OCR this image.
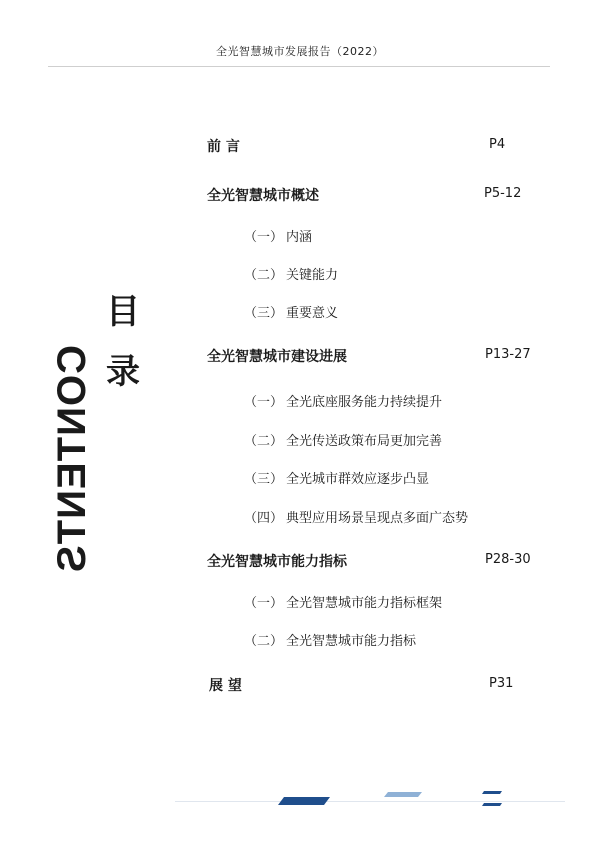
全光智慧城市发展报告（2022）
目
录
CONTENTS
前 言	P4
全光智慧城市概述	P5-12
（一） 内涵
（二） 关键能力
（三） 重要意义
全光智慧城市建设进展	P13-27
（一） 全光底座服务能力持续提升
（二） 全光传送政策布局更加完善
（三） 全光城市群效应逐步凸显
（四） 典型应用场景呈现点多面广态势
全光智慧城市能力指标	P28-30
（一） 全光智慧城市能力指标框架
（二） 全光智慧城市能力指标
展 望	P31
